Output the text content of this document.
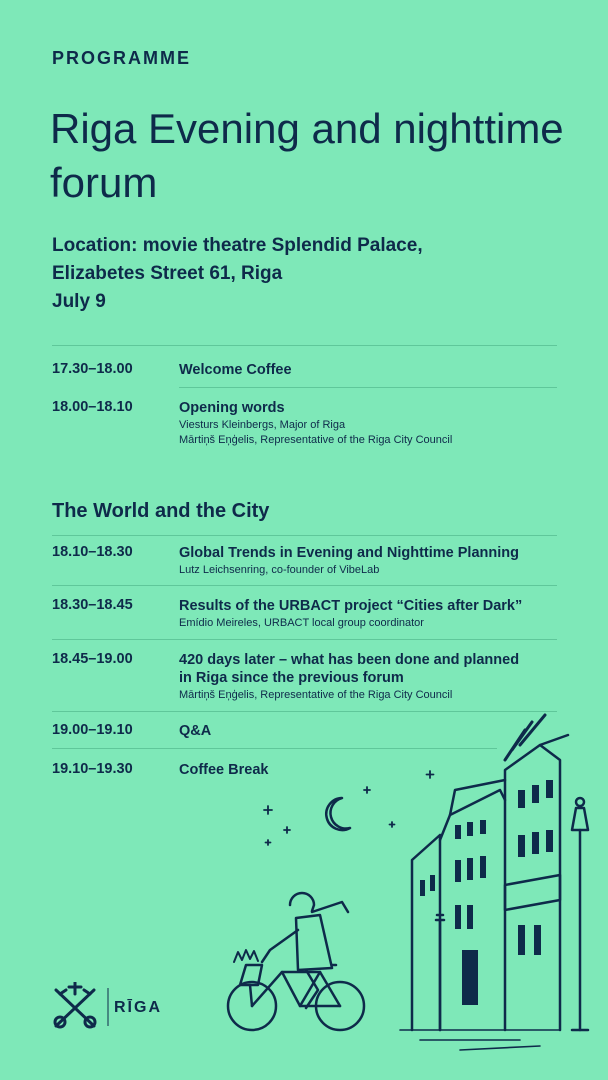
PROGRAMME
Riga Evening and nighttime forum
Location: movie theatre Splendid Palace,
Elizabetes Street 61, Riga
July 9
17.30–18.00	Welcome Coffee
18.00–18.10	Opening words
Viesturs Kleinbergs, Major of Riga
Mārtiņš Eņģelis, Representative of the Riga City Council
The World and the City
18.10–18.30	Global Trends in Evening and Nighttime Planning
Lutz Leichsenring, co-founder of VibeLab
18.30–18.45	Results of the URBACT project “Cities after Dark”
Emídio Meireles, URBACT local group coordinator
18.45–19.00	420 days later – what has been done and planned
in Riga since the previous forum
Mārtiņš Eņģelis, Representative of the Riga City Council
19.00–19.10	Q&A
19.10–19.30	Coffee Break
RĪGA
